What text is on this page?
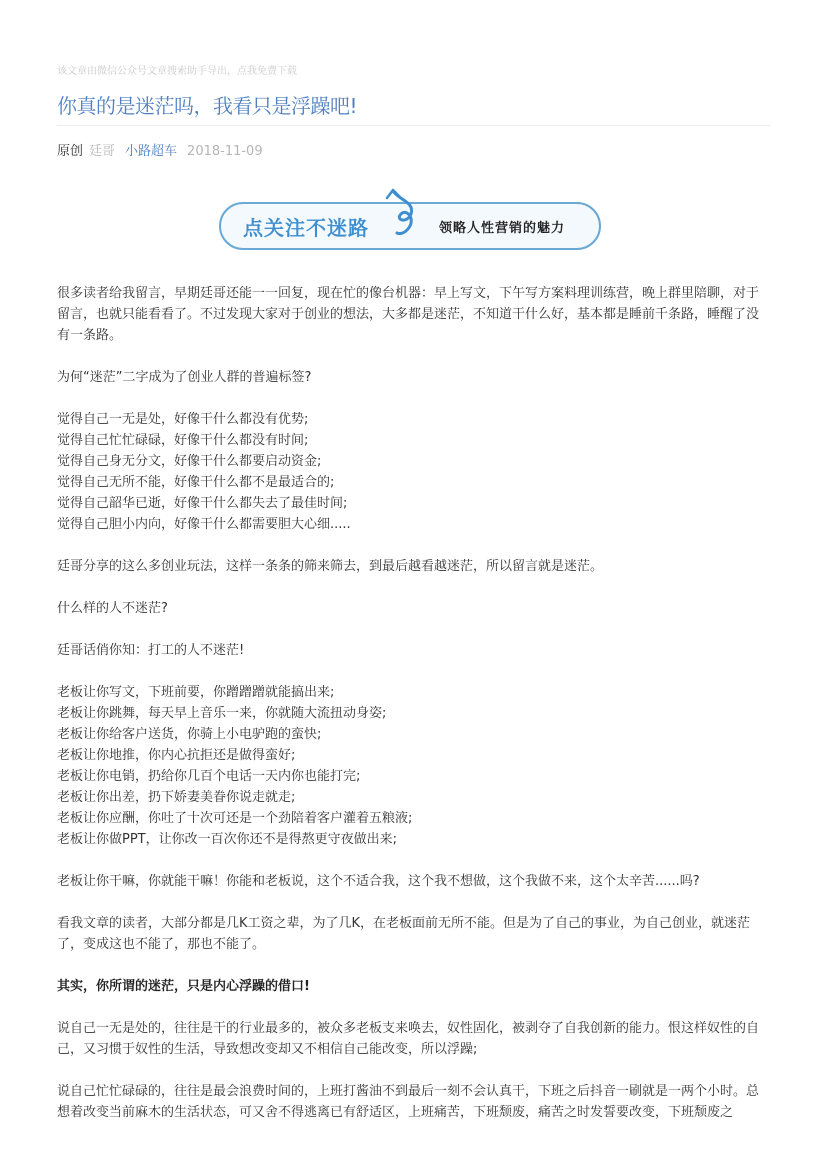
该文章由微信公众号文章搜索助手导出，点我免费下载
你真的是迷茫吗，我看只是浮躁吧!
原创 廷哥 小路超车 2018-11-09
点关注不迷路	领略人性营销的魅力

很多读者给我留言，早期廷哥还能一一回复，现在忙的像台机器：早上写文，下午写方案料理训练营，晚上群里陪聊，对于留言，也就只能看看了。不过发现大家对于创业的想法，大多都是迷茫，不知道干什么好，基本都是睡前千条路，睡醒了没有一条路。

为何“迷茫”二字成为了创业人群的普遍标签?

觉得自己一无是处，好像干什么都没有优势;
觉得自己忙忙碌碌，好像干什么都没有时间;
觉得自己身无分文，好像干什么都要启动资金;
觉得自己无所不能，好像干什么都不是最适合的;
觉得自己韶华已逝，好像干什么都失去了最佳时间;
觉得自己胆小内向，好像干什么都需要胆大心细.....

廷哥分享的这么多创业玩法，这样一条条的筛来筛去，到最后越看越迷茫，所以留言就是迷茫。

什么样的人不迷茫?

廷哥话俏你知：打工的人不迷茫!

老板让你写文，下班前要，你蹭蹭蹭就能搞出来;
老板让你跳舞，每天早上音乐一来，你就随大流扭动身姿;
老板让你给客户送货，你骑上小电驴跑的蛮快;
老板让你地推，你内心抗拒还是做得蛮好;
老板让你电销，扔给你几百个电话一天内你也能打完;
老板让你出差，扔下娇妻美眷你说走就走;
老板让你应酬，你吐了十次可还是一个劲陪着客户灌着五粮液;
老板让你做PPT，让你改一百次你还不是得熬更守夜做出来;

老板让你干嘛，你就能干嘛！你能和老板说，这个不适合我，这个我不想做，这个我做不来，这个太辛苦......吗?

看我文章的读者，大部分都是几K工资之辈，为了几K，在老板面前无所不能。但是为了自己的事业，为自己创业，就迷茫了，变成这也不能了，那也不能了。

其实，你所谓的迷茫，只是内心浮躁的借口!

说自己一无是处的，往往是干的行业最多的，被众多老板支来唤去，奴性固化，被剥夺了自我创新的能力。恨这样奴性的自己，又习惯于奴性的生活，导致想改变却又不相信自己能改变，所以浮躁;

说自己忙忙碌碌的，往往是最会浪费时间的，上班打酱油不到最后一刻不会认真干，下班之后抖音一刷就是一两个小时。总想着改变当前麻木的生活状态，可又舍不得逃离已有舒适区，上班痛苦，下班颓废，痛苦之时发誓要改变，下班颓废之
